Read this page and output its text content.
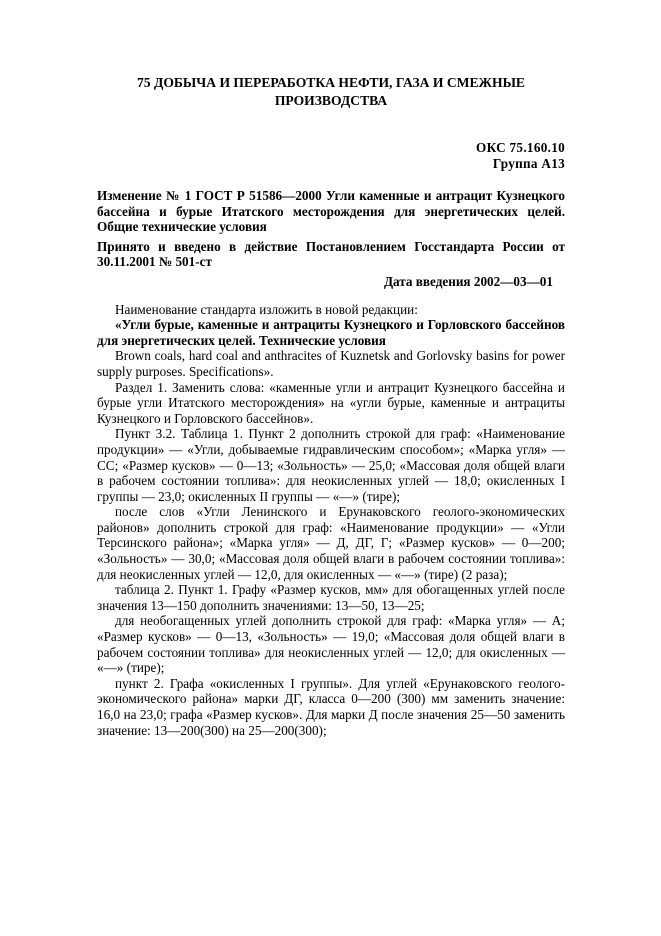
75 ДОБЫЧА И ПЕРЕРАБОТКА НЕФТИ, ГАЗА И СМЕЖНЫЕ ПРОИЗВОДСТВА
ОКС 75.160.10
Группа А13

Изменение № 1 ГОСТ Р 51586—2000 Угли каменные и антрацит Кузнецкого бассейна и бурые Итатского месторождения для энергетических целей. Общие технические условия

Принято и введено в действие Постановлением Госстандарта России от 30.11.2001 № 501-ст

Дата введения 2002—03—01

Наименование стандарта изложить в новой редакции:

«Угли бурые, каменные и антрациты Кузнецкого и Горловского бассейнов для энергетических целей. Технические условия

Brown coals, hard coal and anthracites of Kuznetsk and Gorlovsky basins for power supply purposes. Specifications».

Раздел 1. Заменить слова: «каменные угли и антрацит Кузнецкого бассейна и бурые угли Итатского месторождения» на «угли бурые, каменные и антрациты Кузнецкого и Горловского бассейнов».

Пункт 3.2. Таблица 1. Пункт 2 дополнить строкой для граф: «Наименование продукции» — «Угли, добываемые гидравлическим способом»; «Марка угля» — СС; «Размер кусков» — 0—13; «Зольность» — 25,0; «Массовая доля общей влаги в рабочем состоянии топлива»: для неокисленных углей — 18,0; окисленных I группы — 23,0; окисленных II группы — «—» (тире);

после слов «Угли Ленинского и Ерунаковского геолого-экономических районов» дополнить строкой для граф: «Наименование продукции» — «Угли Терсинского района»; «Марка угля» — Д, ДГ, Г; «Размер кусков» — 0—200; «Зольность» — 30,0; «Массовая доля общей влаги в рабочем состоянии топлива»: для неокисленных углей — 12,0, для окисленных — «—» (тире) (2 раза);

таблица 2. Пункт 1. Графу «Размер кусков, мм» для обогащенных углей после значения 13—150 дополнить значениями: 13—50, 13—25;

для необогащенных углей дополнить строкой для граф: «Марка угля» — А; «Размер кусков» — 0—13, «Зольность» — 19,0; «Массовая доля общей влаги в рабочем состоянии топлива» для неокисленных углей — 12,0; для окисленных — «—» (тире);

пункт 2. Графа «окисленных I группы». Для углей «Ерунаковского геолого-экономического района» марки ДГ, класса 0—200 (300) мм заменить значение: 16,0 на 23,0; графа «Размер кусков». Для марки Д после значения 25—50 заменить значение: 13—200(300) на 25—200(300);
